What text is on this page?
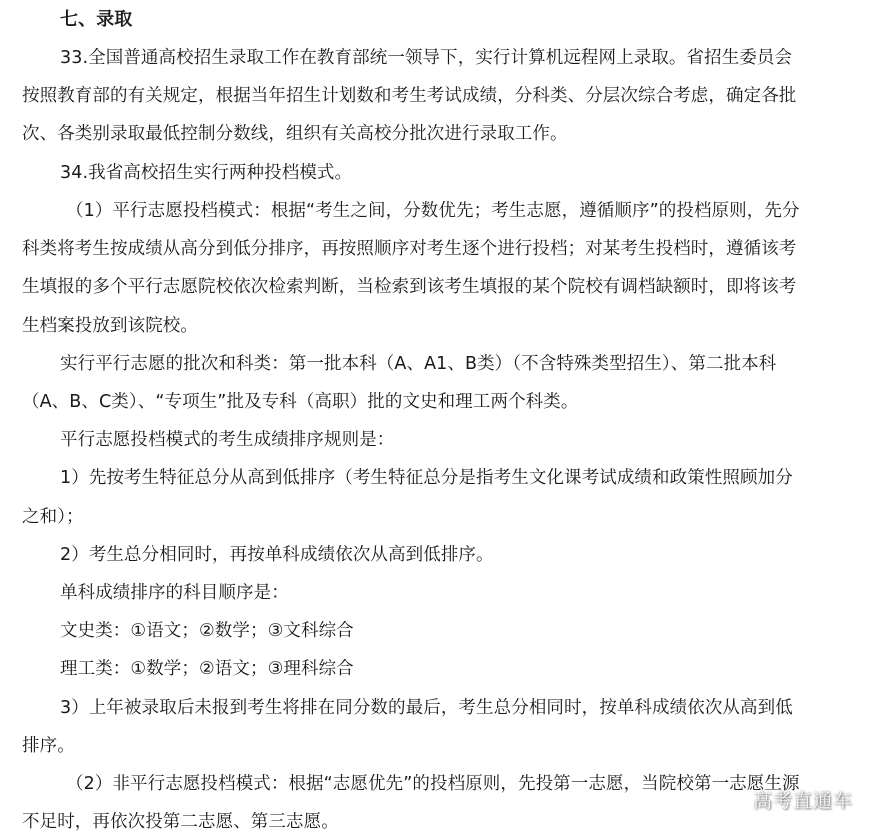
七、录取
33.全国普通高校招生录取工作在教育部统一领导下，实行计算机远程网上录取。省招生委员会
按照教育部的有关规定，根据当年招生计划数和考生考试成绩，分科类、分层次综合考虑，确定各批
次、各类别录取最低控制分数线，组织有关高校分批次进行录取工作。
34.我省高校招生实行两种投档模式。
（1）平行志愿投档模式：根据“考生之间，分数优先；考生志愿，遵循顺序”的投档原则，先分
科类将考生按成绩从高分到低分排序，再按照顺序对考生逐个进行投档；对某考生投档时，遵循该考
生填报的多个平行志愿院校依次检索判断，当检索到该考生填报的某个院校有调档缺额时，即将该考
生档案投放到该院校。
实行平行志愿的批次和科类：第一批本科（A、A1、B类）（不含特殊类型招生）、第二批本科
（A、B、C类）、“专项生”批及专科（高职）批的文史和理工两个科类。
平行志愿投档模式的考生成绩排序规则是：
1）先按考生特征总分从高到低排序（考生特征总分是指考生文化课考试成绩和政策性照顾加分
之和）；
2）考生总分相同时，再按单科成绩依次从高到低排序。
单科成绩排序的科目顺序是：
文史类：①语文；②数学；③文科综合
理工类：①数学；②语文；③理科综合
3）上年被录取后未报到考生将排在同分数的最后，考生总分相同时，按单科成绩依次从高到低
排序。
（2）非平行志愿投档模式：根据“志愿优先”的投档原则，先投第一志愿，当院校第一志愿生源
不足时，再依次投第二志愿、第三志愿。
高考直通车
